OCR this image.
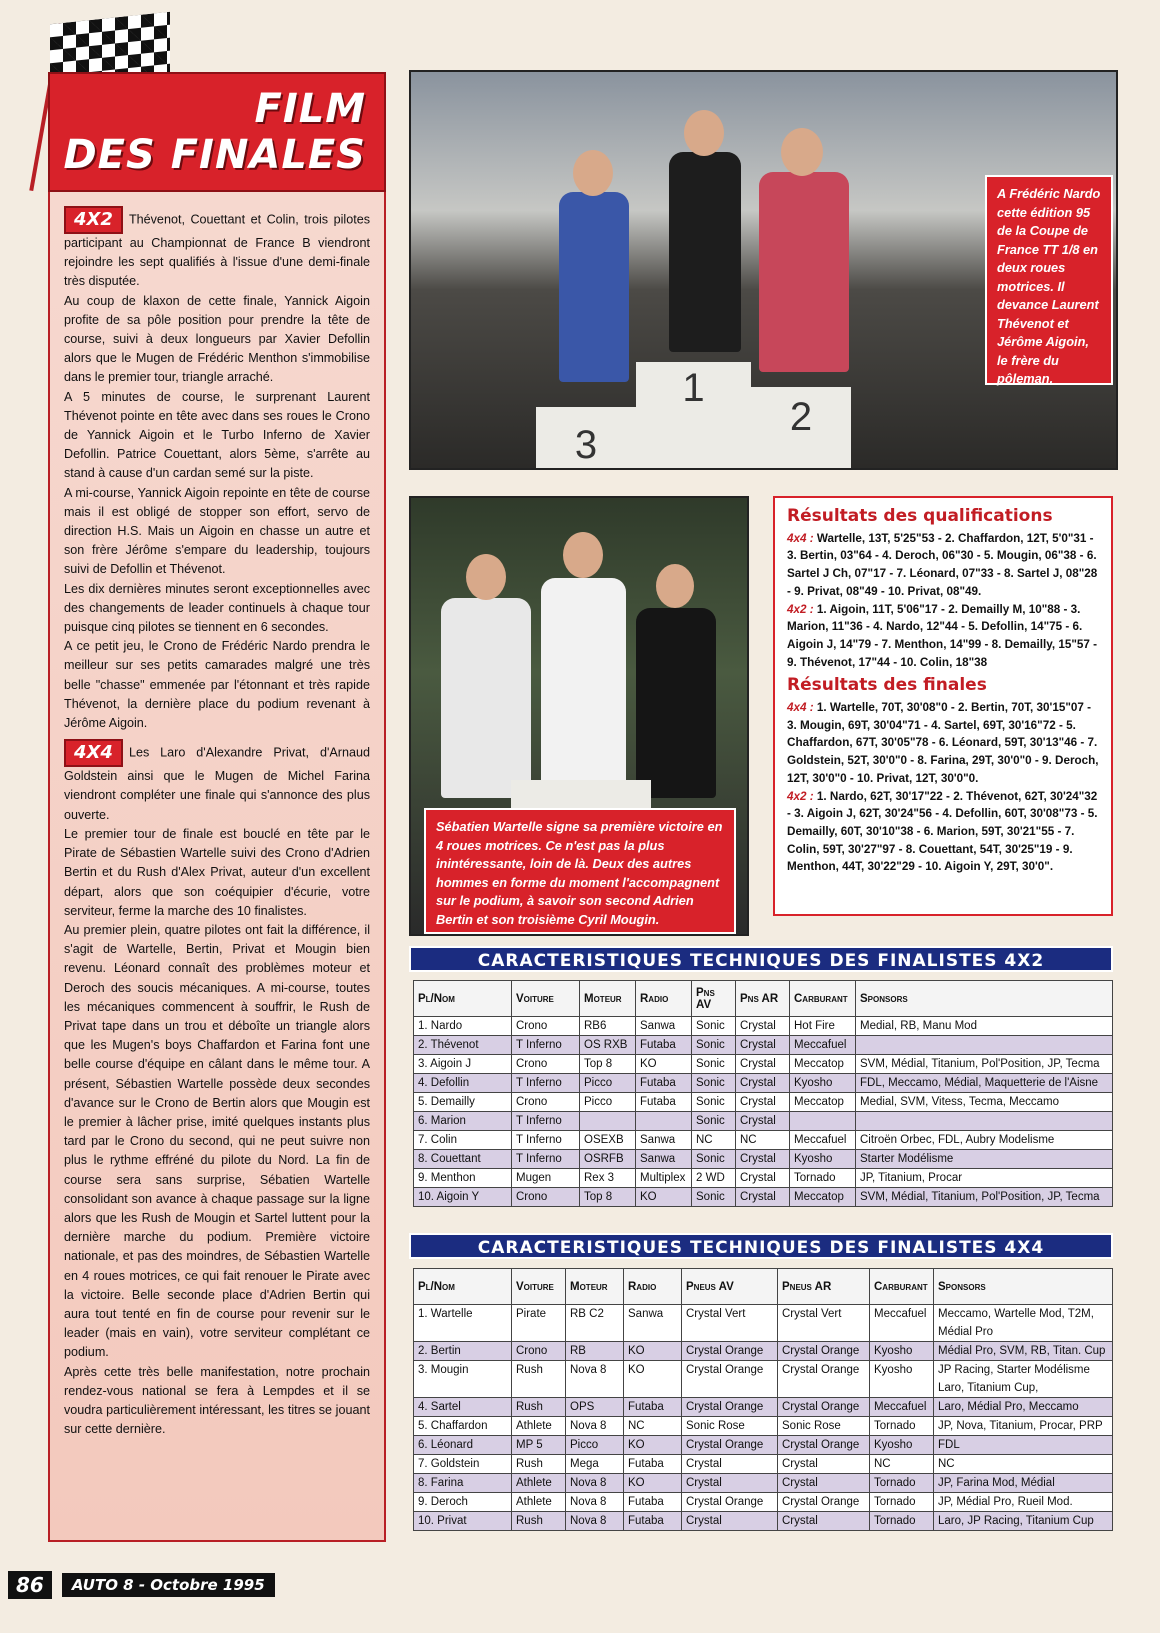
FILM
DES FINALES

4X2 Thévenot, Couettant et Colin, trois pilotes participant au Championnat de France B viendront rejoindre les sept qualifiés à l'issue d'une demi-finale très disputée.

Au coup de klaxon de cette finale, Yannick Aigoin profite de sa pôle position pour prendre la tête de course, suivi à deux longueurs par Xavier Defollin alors que le Mugen de Frédéric Menthon s'immobilise dans le premier tour, triangle arraché.

A 5 minutes de course, le surprenant Laurent Thévenot pointe en tête avec dans ses roues le Crono de Yannick Aigoin et le Turbo Inferno de Xavier Defollin. Patrice Couettant, alors 5ème, s'arrête au stand à cause d'un cardan semé sur la piste.

A mi-course, Yannick Aigoin repointe en tête de course mais il est obligé de stopper son effort, servo de direction H.S. Mais un Aigoin en chasse un autre et son frère Jérôme s'empare du leadership, toujours suivi de Defollin et Thévenot.

Les dix dernières minutes seront exceptionnelles avec des changements de leader continuels à chaque tour puisque cinq pilotes se tiennent en 6 secondes.

A ce petit jeu, le Crono de Frédéric Nardo prendra le meilleur sur ses petits camarades malgré une très belle "chasse" emmenée par l'étonnant et très rapide Thévenot, la dernière place du podium revenant à Jérôme Aigoin.

4X4 Les Laro d'Alexandre Privat, d'Arnaud Goldstein ainsi que le Mugen de Michel Farina viendront compléter une finale qui s'annonce des plus ouverte.

Le premier tour de finale est bouclé en tête par le Pirate de Sébastien Wartelle suivi des Crono d'Adrien Bertin et du Rush d'Alex Privat, auteur d'un excellent départ, alors que son coéquipier d'écurie, votre serviteur, ferme la marche des 10 finalistes.

Au premier plein, quatre pilotes ont fait la différence, il s'agit de Wartelle, Bertin, Privat et Mougin bien revenu. Léonard connaît des problèmes moteur et Deroch des soucis mécaniques. A mi-course, toutes les mécaniques commencent à souffrir, le Rush de Privat tape dans un trou et déboîte un triangle alors que les Mugen's boys Chaffardon et Farina font une belle course d'équipe en câlant dans le même tour. A présent, Sébastien Wartelle possède deux secondes d'avance sur le Crono de Bertin alors que Mougin est le premier à lâcher prise, imité quelques instants plus tard par le Crono du second, qui ne peut suivre non plus le rythme effréné du pilote du Nord. La fin de course sera sans surprise, Sébatien Wartelle consolidant son avance à chaque passage sur la ligne alors que les Rush de Mougin et Sartel luttent pour la dernière marche du podium. Première victoire nationale, et pas des moindres, de Sébastien Wartelle en 4 roues motrices, ce qui fait renouer le Pirate avec la victoire. Belle seconde place d'Adrien Bertin qui aura tout tenté en fin de course pour revenir sur le leader (mais en vain), votre serviteur complétant ce podium.

Après cette très belle manifestation, notre prochain rendez-vous national se fera à Lempdes et il se voudra particulièrement intéressant, les titres se jouant sur cette dernière.

3
1
2
A Frédéric Nardo cette édition 95 de la Coupe de France TT 1/8 en deux roues motrices. Il devance Laurent Thévenot et Jérôme Aigoin, le frère du pôleman.
Sébatien Wartelle signe sa première victoire en 4 roues motrices. Ce n'est pas la plus inintéressante, loin de là. Deux des autres hommes en forme du moment l'accompagnent sur le podium, à savoir son second Adrien Bertin et son troisième Cyril Mougin.
Résultats des qualifications

4x4 : Wartelle, 13T, 5'25"53 - 2. Chaffardon, 12T, 5'0"31 - 3. Bertin, 03"64 - 4. Deroch, 06"30 - 5. Mougin, 06"38 - 6. Sartel J Ch, 07"17 - 7. Léonard, 07"33 - 8. Sartel J, 08"28 - 9. Privat, 08"49 - 10. Privat, 08"49.

4x2 : 1. Aigoin, 11T, 5'06"17 - 2. Demailly M, 10"88 - 3. Marion, 11"36 - 4. Nardo, 12"44 - 5. Defollin, 14"75 - 6. Aigoin J, 14"79 - 7. Menthon, 14"99 - 8. Demailly, 15"57 - 9. Thévenot, 17"44 - 10. Colin, 18"38

Résultats des finales

4x4 : 1. Wartelle, 70T, 30'08"0 - 2. Bertin, 70T, 30'15"07 - 3. Mougin, 69T, 30'04"71 - 4. Sartel, 69T, 30'16"72 - 5. Chaffardon, 67T, 30'05"78 - 6. Léonard, 59T, 30'13"46 - 7. Goldstein, 52T, 30'0"0 - 8. Farina, 29T, 30'0"0 - 9. Deroch, 12T, 30'0"0 - 10. Privat, 12T, 30'0"0.

4x2 : 1. Nardo, 62T, 30'17"22 - 2. Thévenot, 62T, 30'24"32 - 3. Aigoin J, 62T, 30'24"56 - 4. Defollin, 60T, 30'08"73 - 5. Demailly, 60T, 30'10"38 - 6. Marion, 59T, 30'21"55 - 7. Colin, 59T, 30'27"97 - 8. Couettant, 54T, 30'25"19 - 9. Menthon, 44T, 30'22"29 - 10. Aigoin Y, 29T, 30'0".

CARACTERISTIQUES TECHNIQUES DES FINALISTES 4X2
Pl/Nom	Voiture	Moteur	Radio	Pns AV	Pns AR	Carburant	Sponsors
1. Nardo	Crono	RB6	Sanwa	Sonic	Crystal	Hot Fire	Medial, RB, Manu Mod
2. Thévenot	T Inferno	OS RXB	Futaba	Sonic	Crystal	Meccafuel	
3. Aigoin J	Crono	Top 8	KO	Sonic	Crystal	Meccatop	SVM, Médial, Titanium, Pol'Position, JP, Tecma
4. Defollin	T Inferno	Picco	Futaba	Sonic	Crystal	Kyosho	FDL, Meccamo, Médial, Maquetterie de l'Aisne
5. Demailly	Crono	Picco	Futaba	Sonic	Crystal	Meccatop	Medial, SVM, Vitess, Tecma, Meccamo
6. Marion	T Inferno			Sonic	Crystal		
7. Colin	T Inferno	OSEXB	Sanwa	NC	NC	Meccafuel	Citroën Orbec, FDL, Aubry Modelisme
8. Couettant	T Inferno	OSRFB	Sanwa	Sonic	Crystal	Kyosho	Starter Modélisme
9. Menthon	Mugen	Rex 3	Multiplex	2 WD	Crystal	Tornado	JP, Titanium, Procar
10. Aigoin Y	Crono	Top 8	KO	Sonic	Crystal	Meccatop	SVM, Médial, Titanium, Pol'Position, JP, Tecma
CARACTERISTIQUES TECHNIQUES DES FINALISTES 4X4
Pl/Nom	Voiture	Moteur	Radio	Pneus AV	Pneus AR	Carburant	Sponsors
1. Wartelle	Pirate	RB C2	Sanwa	Crystal Vert	Crystal Vert	Meccafuel	Meccamo, Wartelle Mod, T2M, Médial Pro
2. Bertin	Crono	RB	KO	Crystal Orange	Crystal Orange	Kyosho	Médial Pro, SVM, RB, Titan. Cup
3. Mougin	Rush	Nova 8	KO	Crystal Orange	Crystal Orange	Kyosho	JP Racing, Starter Modélisme Laro, Titanium Cup,
4. Sartel	Rush	OPS	Futaba	Crystal Orange	Crystal Orange	Meccafuel	Laro, Médial Pro, Meccamo
5. Chaffardon	Athlete	Nova 8	NC	Sonic Rose	Sonic Rose	Tornado	JP, Nova, Titanium, Procar, PRP
6. Léonard	MP 5	Picco	KO	Crystal Orange	Crystal Orange	Kyosho	FDL
7. Goldstein	Rush	Mega	Futaba	Crystal	Crystal	NC	NC
8. Farina	Athlete	Nova 8	KO	Crystal	Crystal	Tornado	JP, Farina Mod, Médial
9. Deroch	Athlete	Nova 8	Futaba	Crystal Orange	Crystal Orange	Tornado	JP, Médial Pro, Rueil Mod.
10. Privat	Rush	Nova 8	Futaba	Crystal	Crystal	Tornado	Laro, JP Racing, Titanium Cup
86	AUTO 8 - Octobre 1995
